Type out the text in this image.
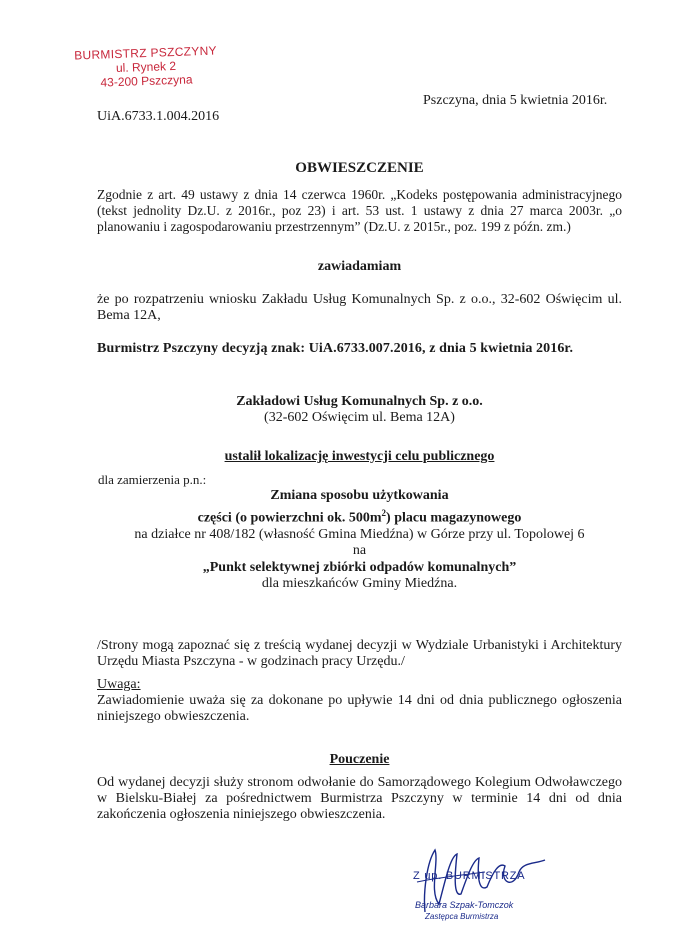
BURMISTRZ PSZCZYNY
ul. Rynek 2
43-200 Pszczyna
Pszczyna, dnia 5 kwietnia 2016r.
UiA.6733.1.004.2016
OBWIESZCZENIE
Zgodnie z art. 49 ustawy z dnia 14 czerwca 1960r. „Kodeks postępowania administracyjnego (tekst jednolity Dz.U. z 2016r., poz 23) i art. 53 ust. 1 ustawy z dnia 27 marca 2003r. „o planowaniu i zagospodarowaniu przestrzennym” (Dz.U. z 2015r., poz. 199 z późn. zm.)
zawiadamiam
że po rozpatrzeniu wniosku Zakładu Usług Komunalnych Sp. z o.o., 32-602 Oświęcim ul. Bema 12A,
Burmistrz Pszczyny decyzją znak: UiA.6733.007.2016, z dnia 5 kwietnia 2016r.
Zakładowi Usług Komunalnych Sp. z o.o.
(32-602 Oświęcim ul. Bema 12A)
ustalił lokalizację inwestycji celu publicznego
dla zamierzenia p.n.:
Zmiana sposobu użytkowania
części (o powierzchni ok. $500m^2$) placu magazynowego
na działce nr 408/182 (własność Gmina Miedźna) w Górze przy ul. Topolowej 6
na
„Punkt selektywnej zbiórki odpadów komunalnych”
dla mieszkańców Gminy Miedźna.
/Strony mogą zapoznać się z treścią wydanej decyzji w Wydziale Urbanistyki i Architektury Urzędu Miasta Pszczyna - w godzinach pracy Urzędu./
Uwaga:
Zawiadomienie uważa się za dokonane po upływie 14 dni od dnia publicznego ogłoszenia niniejszego obwieszczenia.
Pouczenie
Od wydanej decyzji służy stronom odwołanie do Samorządowego Kolegium Odwoławczego w Bielsku-Białej za pośrednictwem Burmistrza Pszczyny w terminie 14 dni od dnia zakończenia ogłoszenia niniejszego obwieszczenia.
Z up. BURMISTRZA
Barbara Szpak-Tomczok
Zastępca Burmistrza
